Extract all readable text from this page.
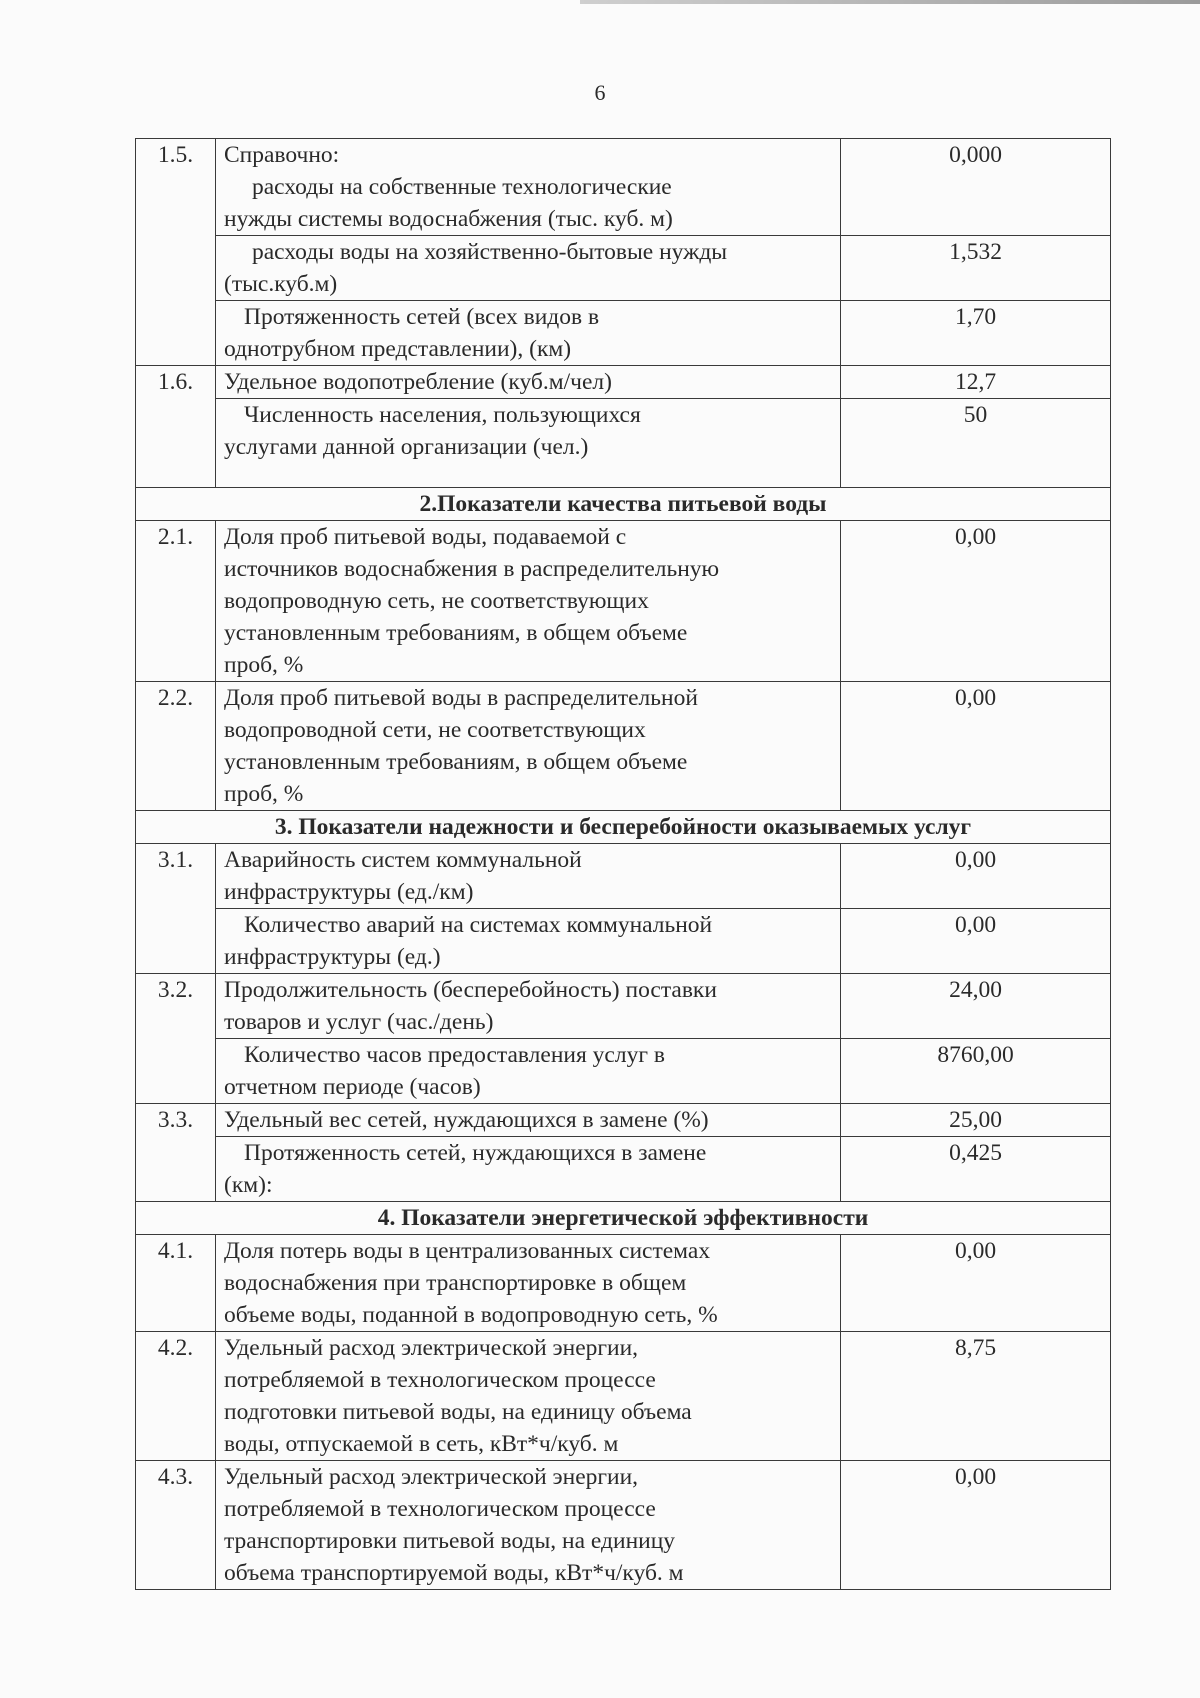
6
1.5.	Справочно:
расходы на собственные технологические
нужды системы водоснабжения (тыс. куб. м)	0,000

	расходы воды на хозяйственно-бытовые нужды
(тыс.куб.м)	1,532

	Протяженность сетей (всех видов в
однотрубном представлении), (км)	1,70
1.6.	Удельное водопотребление (куб.м/чел)	12,7

	Численность населения, пользующихся
услугами данной организации (чел.)	50
2.Показатели качества питьевой воды		
2.1.	Доля проб питьевой воды, подаваемой с
источников водоснабжения в распределительную
водопроводную сеть, не соответствующих
установленным требованиям, в общем объеме
проб, %	0,00
2.2.	Доля проб питьевой воды в распределительной
водопроводной сети, не соответствующих
установленным требованиям, в общем объеме
проб, %	0,00
3. Показатели надежности и бесперебойности оказываемых услуг		
3.1.	Аварийность систем коммунальной
инфраструктуры (ед./км)	0,00

	Количество аварий на системах коммунальной
инфраструктуры (ед.)	0,00
3.2.	Продолжительность (бесперебойность) поставки
товаров и услуг (час./день)	24,00

	Количество часов предоставления услуг в
отчетном периоде (часов)	8760,00
3.3.	Удельный вес сетей, нуждающихся в замене (%)	25,00

	Протяженность сетей, нуждающихся в замене
(км):	0,425
4. Показатели энергетической эффективности		
4.1.	Доля потерь воды в централизованных системах
водоснабжения при транспортировке в общем
объеме воды, поданной в водопроводную сеть, %	0,00
4.2.	Удельный расход электрической энергии,
потребляемой в технологическом процессе
подготовки питьевой воды, на единицу объема
воды, отпускаемой в сеть, кВт*ч/куб. м	8,75
4.3.	Удельный расход электрической энергии,
потребляемой в технологическом процессе
транспортировки питьевой воды, на единицу
объема транспортируемой воды, кВт*ч/куб. м	0,00
